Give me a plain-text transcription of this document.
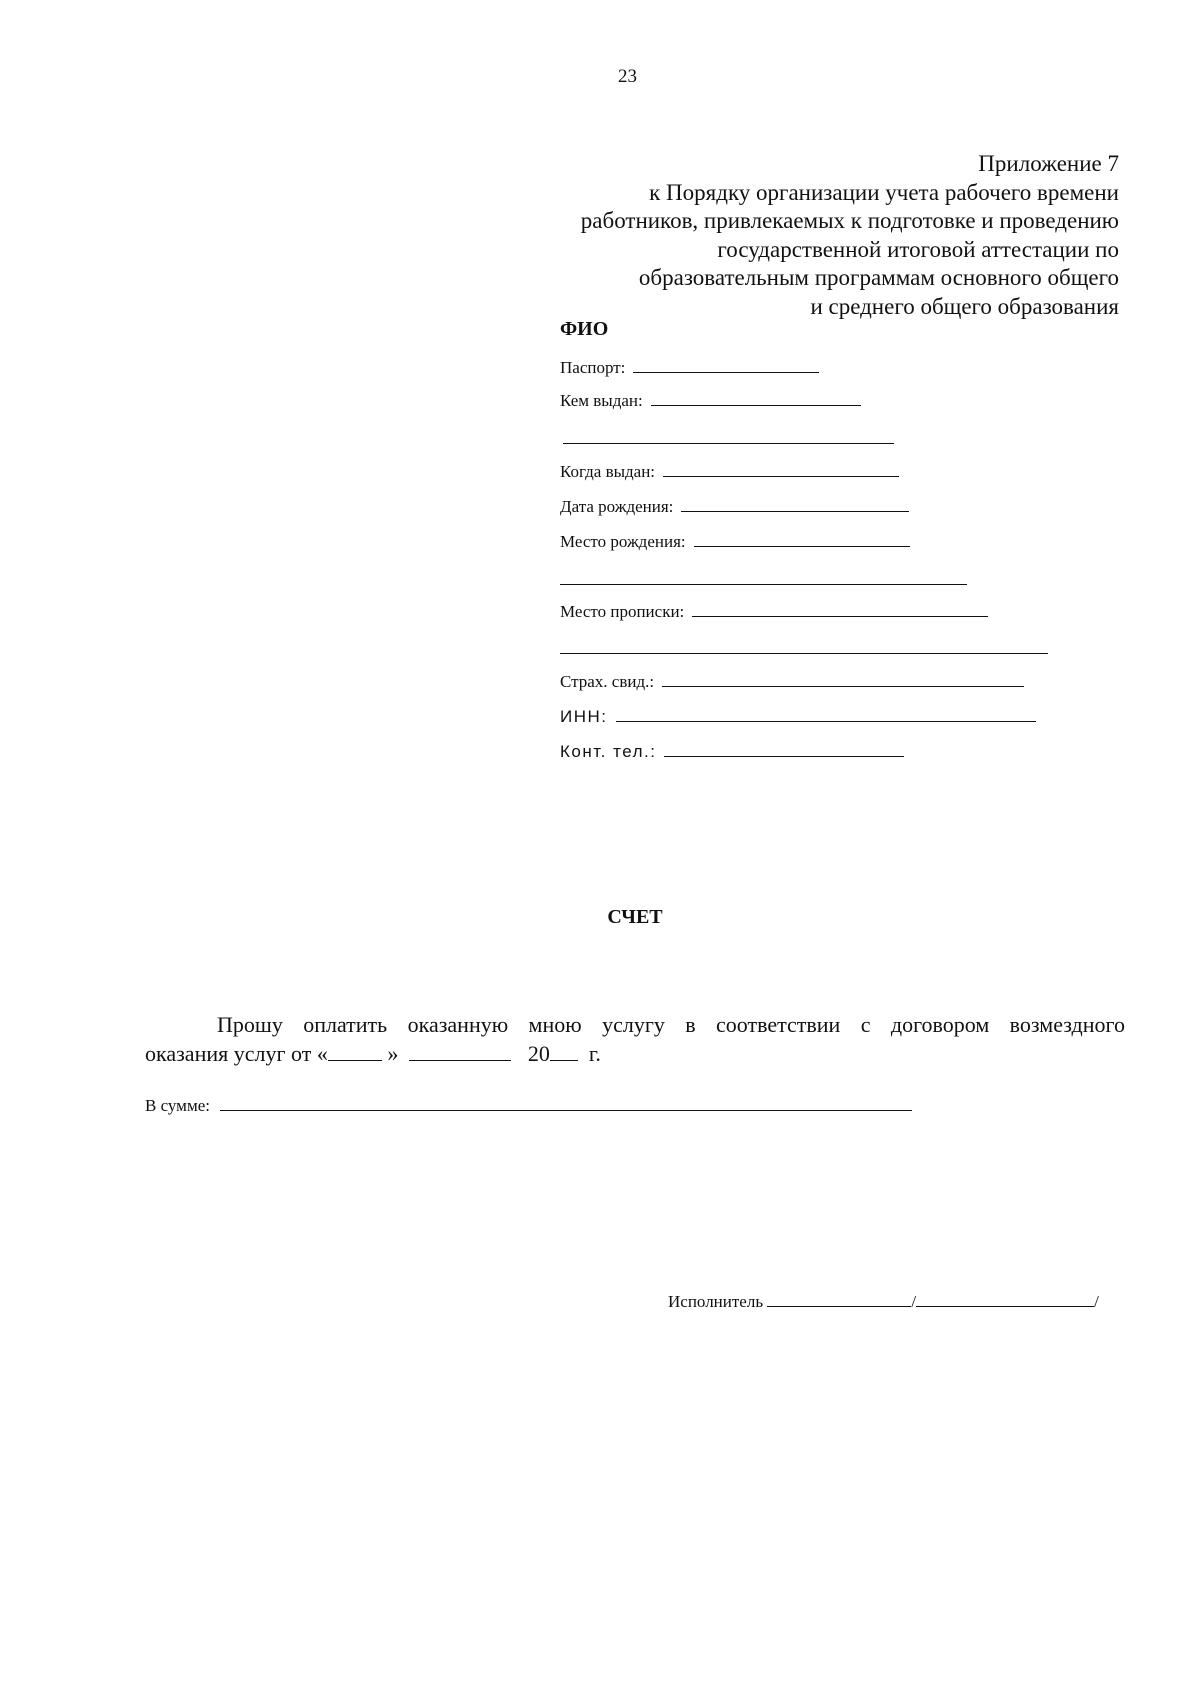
23
Приложение 7
к Порядку организации учета рабочего времени
работников, привлекаемых к подготовке и проведению
государственной итоговой аттестации по
образовательным программам основного общего
и среднего общего образования
ФИО
Паспорт:
Кем выдан:
Когда выдан:
Дата рождения:
Место рождения:
Место прописки:
Страх. свид.:
ИНН:
Конт. тел.:
СЧЕТ
Прошу оплатить оказанную мною услугу в соответствии с договором возмездного
оказания услуг от «	»	20 г.
В сумме:
Исполнитель	/	/
